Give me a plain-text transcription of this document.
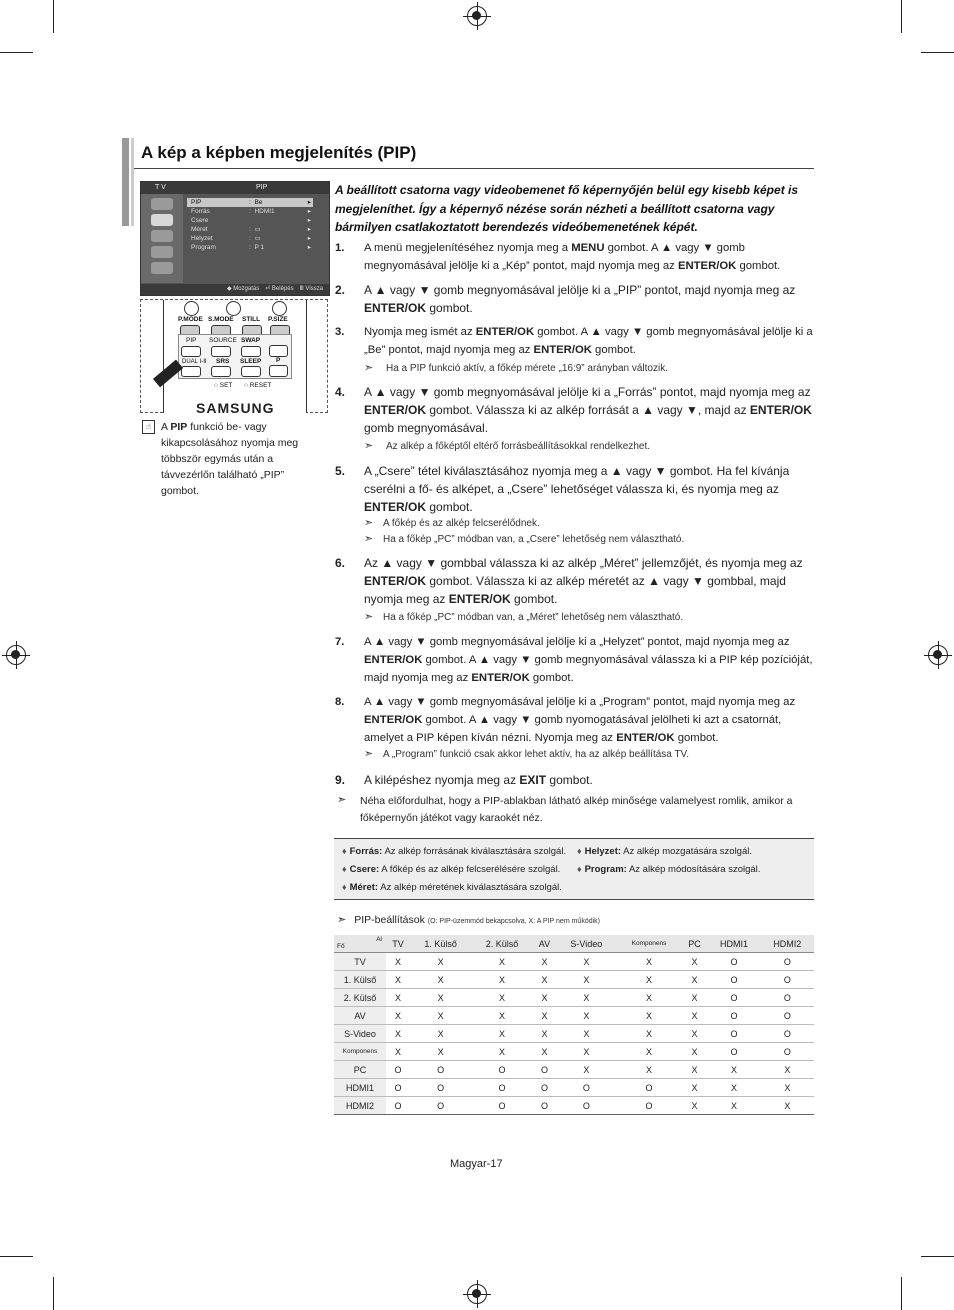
A kép a képben megjelenítés (PIP)
T V	PIP
PIP	: Be	▸
Forrás	: HDMI1	▸
Csere	▸
Méret	: ▭	▸
Helyzet	: ▭	▸
Program	: P 1	▸
◆ Mozgatás ⏎ Belépés Ⅲ Vissza
P.MODE S.MODE STILL P.SIZE
PIP SOURCE SWAP
DUAL Ⅰ-Ⅱ SRS SLEEP P
○ SET ○ RESET
SAMSUNG
☝ A PIP funkció be- vagy kikapcsolásához nyomja meg többször egymás után a távvezérlőn található „PIP” gombot.
A beállított csatorna vagy videobemenet fő képernyőjén belül egy kisebb képet is megjeleníthet. Így a képernyő nézése során nézheti a beállított csatorna vagy bármilyen csatlakoztatott berendezés videóbemenetének képét.
1. A menü megjelenítéséhez nyomja meg a MENU gombot. A ▲ vagy ▼ gomb megnyomásával jelölje ki a „Kép” pontot, majd nyomja meg az ENTER/OK gombot.
2. A ▲ vagy ▼ gomb megnyomásával jelölje ki a „PIP” pontot, majd nyomja meg az ENTER/OK gombot.
3. Nyomja meg ismét az ENTER/OK gombot. A ▲ vagy ▼ gomb megnyomásával jelölje ki a „Be” pontot, majd nyomja meg az ENTER/OK gombot.
➣ Ha a PIP funkció aktív, a főkép mérete „16:9” arányban változik.
4. A ▲ vagy ▼ gomb megnyomásával jelölje ki a „Forrás” pontot, majd nyomja meg az ENTER/OK gombot. Válassza ki az alkép forrását a ▲ vagy ▼, majd az ENTER/OK gomb megnyomásával.
➣ Az alkép a főképtől eltérő forrásbeállításokkal rendelkezhet.
5. A „Csere” tétel kiválasztásához nyomja meg a ▲ vagy ▼ gombot. Ha fel kívánja cserélni a fő- és alképet, a „Csere” lehetőséget válassza ki, és nyomja meg az ENTER/OK gombot.
➣ A főkép és az alkép felcserélődnek.
➣ Ha a főkép „PC” módban van, a „Csere” lehetőség nem választható.
6. Az ▲ vagy ▼ gombbal válassza ki az alkép „Méret” jellemzőjét, és nyomja meg az ENTER/OK gombot. Válassza ki az alkép méretét az ▲ vagy ▼ gombbal, majd nyomja meg az ENTER/OK gombot.
➣ Ha a főkép „PC” módban van, a „Méret” lehetőség nem választható.
7. A ▲ vagy ▼ gomb megnyomásával jelölje ki a „Helyzet” pontot, majd nyomja meg az ENTER/OK gombot. A ▲ vagy ▼ gomb megnyomásával válassza ki a PIP kép pozícióját, majd nyomja meg az ENTER/OK gombot.
8. A ▲ vagy ▼ gomb megnyomásával jelölje ki a „Program” pontot, majd nyomja meg az ENTER/OK gombot. A ▲ vagy ▼ gomb nyomogatásával jelölheti ki azt a csatornát, amelyet a PIP képen kíván nézni. Nyomja meg az ENTER/OK gombot.
➣ A „Program” funkció csak akkor lehet aktív, ha az alkép beállítása TV.
9. A kilépéshez nyomja meg az EXIT gombot.
➣ Néha előfordulhat, hogy a PIP-ablakban látható alkép minősége valamelyest romlik, amikor a főképernyőn játékot vagy karaokét néz.
♦ Forrás: Az alkép forrásának kiválasztására szolgál.
♦ Csere: A főkép és az alkép felcserélésére szolgál.
♦ Méret: Az alkép méretének kiválasztására szolgál.
♦ Helyzet: Az alkép mozgatására szolgál.
♦ Program: Az alkép módosítására szolgál.
➣ PIP-beállítások (O: PIP-üzemmód bekapcsolva, X: A PIP nem működik)
Fő
Al	TV	1. Külső	2. Külső	AV	S-Video	Komponens	PC	HDMI1	HDMI2
TV	X	X	X	X	X	X	X	O	O
1. Külső	X	X	X	X	X	X	X	O	O
2. Külső	X	X	X	X	X	X	X	O	O
AV	X	X	X	X	X	X	X	O	O
S-Video	X	X	X	X	X	X	X	O	O
Komponens	X	X	X	X	X	X	X	O	O
PC	O	O	O	O	X	X	X	X	X
HDMI1	O	O	O	O	O	O	X	X	X
HDMI2	O	O	O	O	O	O	X	X	X
Magyar-17
